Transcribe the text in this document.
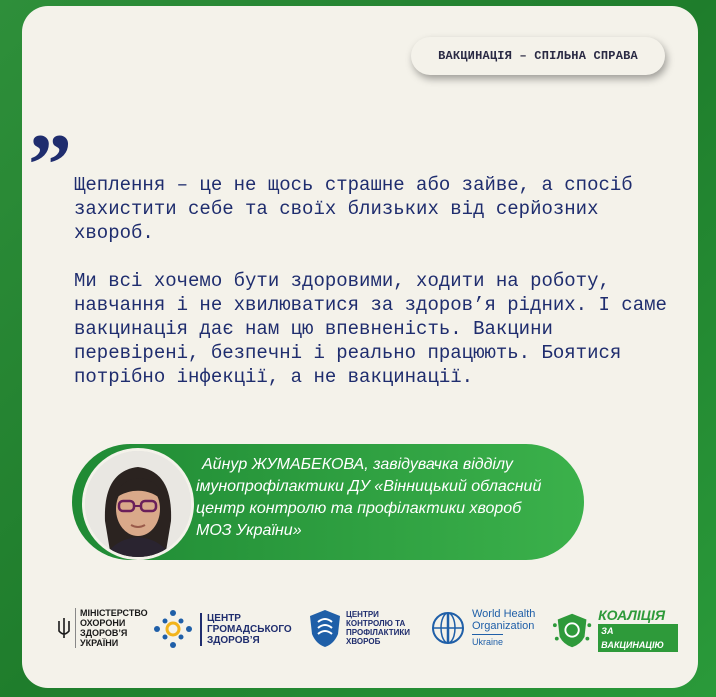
ВАКЦИНАЦІЯ – СПІЛЬНА СПРАВА
” Щеплення – це не щось страшне або зайве, а спосіб захистити себе та своїх близьких від серйозних хвороб.

Ми всі хочемо бути здоровими, ходити на роботу, навчання і не хвилюватися за здоров’я рідних. І саме вакцинація дає нам цю впевненість. Вакцини перевірені, безпечні і реально працюють. Боятися потрібно інфекції, а не вакцинації.

Айнур ЖУМАБЕКОВА, завідувачка відділу
імунопрофілактики ДУ «Вінницький обласний
центр контролю та профілактики хвороб
МОЗ України»
МІНІСТЕРСТВО
ОХОРОНИ
ЗДОРОВ’Я
УКРАЇНИ
ЦЕНТР
ГРОМАДСЬКОГО
ЗДОРОВ’Я
ЦЕНТРИ
КОНТРОЛЮ ТА
ПРОФІЛАКТИКИ
ХВОРОБ
World Health
Organization
Ukraine
КОАЛІЦІЯ
ЗА ВАКЦИНАЦІЮ
